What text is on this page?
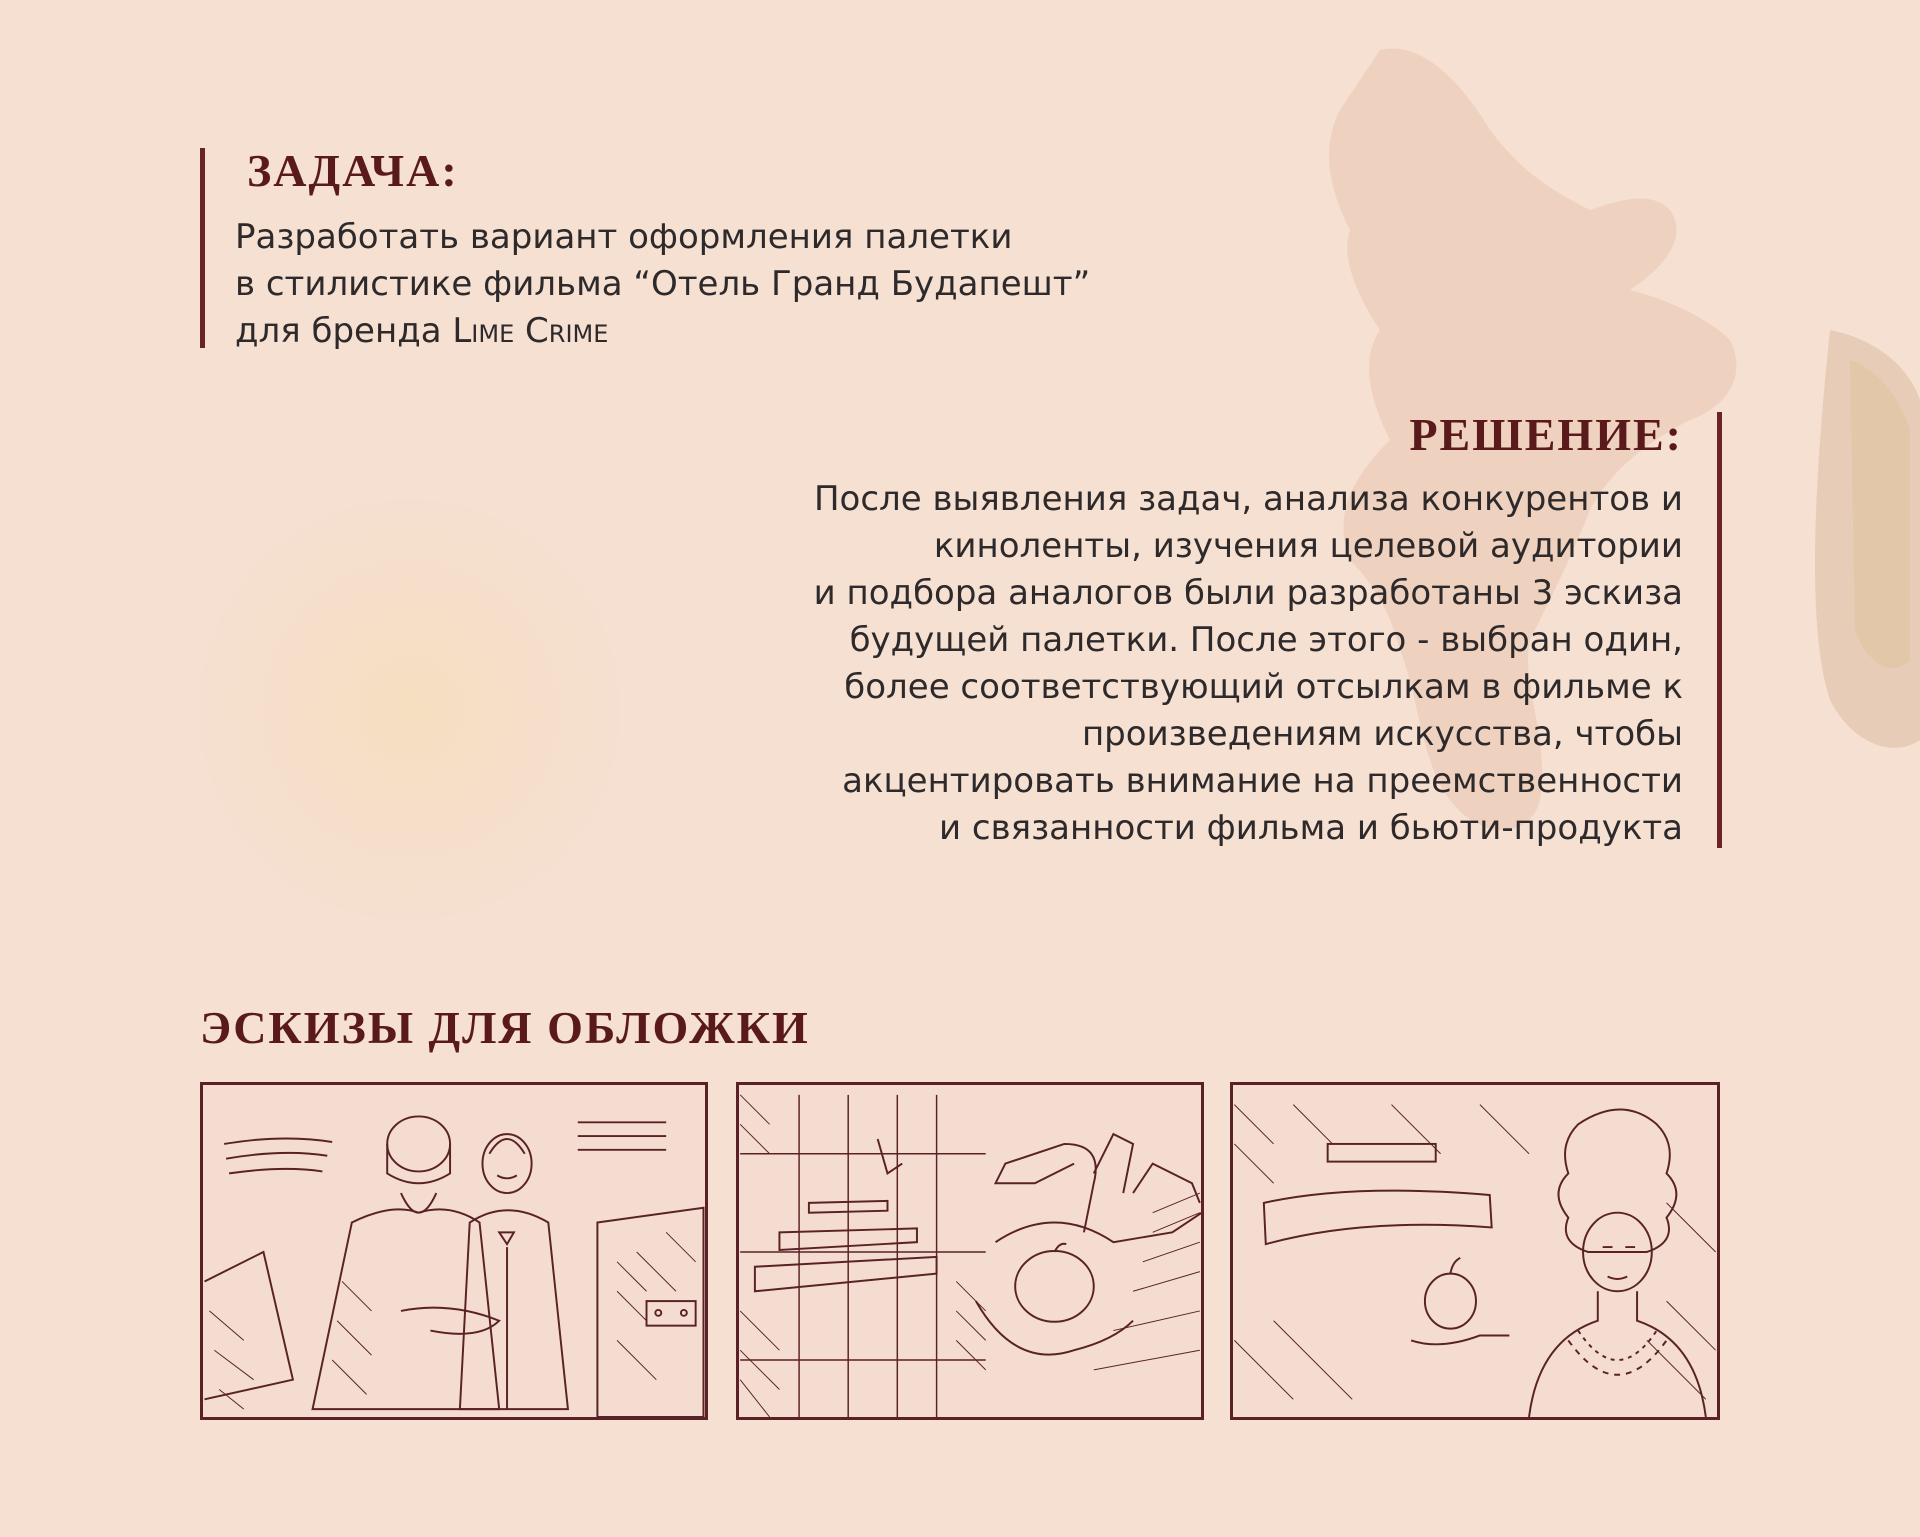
ЗАДАЧА:

Разработать вариант оформления палетки
в стилистике фильма “Отель Гранд Будапешт”
для бренда Lime Crime

РЕШЕНИЕ:

После выявления задач, анализа конкурентов и
киноленты, изучения целевой аудитории
и подбора аналогов были разработаны 3 эскиза
будущей палетки. После этого - выбран один,
более соответствующий отсылкам в фильме к
произведениям искусства, чтобы
акцентировать внимание на преемственности
и связанности фильма и бьюти-продукта

ЭСКИЗЫ ДЛЯ ОБЛОЖКИ
